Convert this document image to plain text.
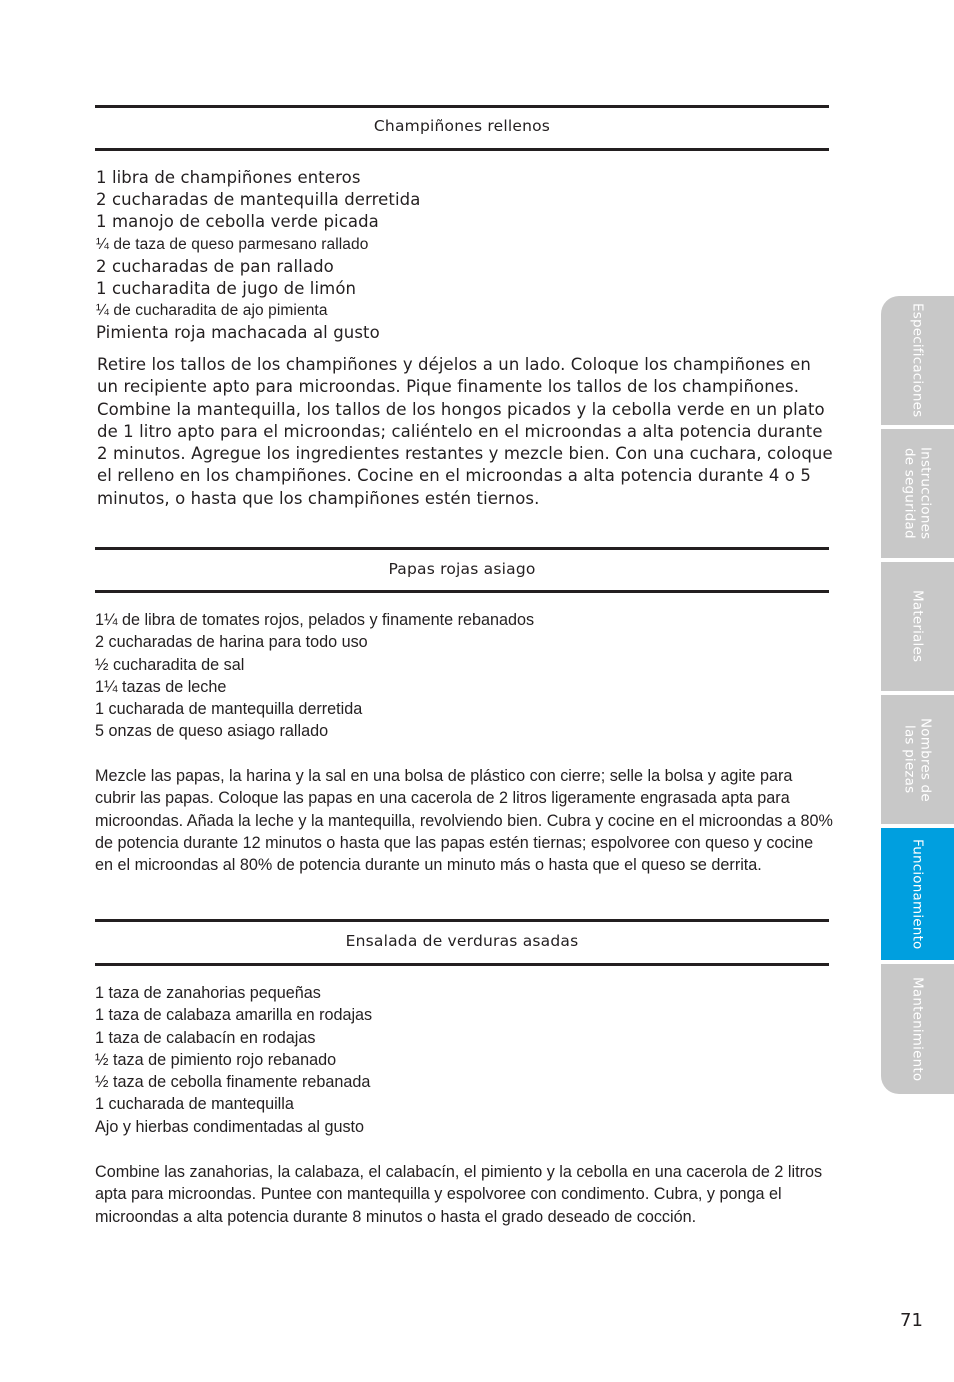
Champiñones rellenos
1 libra de champiñones enteros
2 cucharadas de mantequilla derretida
1 manojo de cebolla verde picada
¼ de taza de queso parmesano rallado
2 cucharadas de pan rallado
1 cucharadita de jugo de limón
¼ de cucharadita de ajo pimienta
Pimienta roja machacada al gusto

Retire los tallos de los champiñones y déjelos a un lado. Coloque los champiñones en un recipiente apto para microondas. Pique finamente los tallos de los champiñones. Combine la mantequilla, los tallos de los hongos picados y la cebolla verde en un plato de 1 litro apto para el microondas; caliéntelo en el microondas a alta potencia durante 2 minutos. Agregue los ingredientes restantes y mezcle bien. Con una cuchara, coloque el relleno en los champiñones. Cocine en el microondas a alta potencia durante 4 o 5 minutos, o hasta que los champiñones estén tiernos.

Papas rojas asiago
1¼ de libra de tomates rojos, pelados y finamente rebanados
2 cucharadas de harina para todo uso
½ cucharadita de sal
1¼ tazas de leche
1 cucharada de mantequilla derretida
5 onzas de queso asiago rallado

Mezcle las papas, la harina y la sal en una bolsa de plástico con cierre; selle la bolsa y agite para cubrir las papas. Coloque las papas en una cacerola de 2 litros ligeramente engrasada apta para microondas. Añada la leche y la mantequilla, revolviendo bien. Cubra y cocine en el microondas a 80% de potencia durante 12 minutos o hasta que las papas estén tiernas; espolvoree con queso y cocine en el microondas al 80% de potencia durante un minuto más o hasta que el queso se derrita.

Ensalada de verduras asadas
1 taza de zanahorias pequeñas
1 taza de calabaza amarilla en rodajas
1 taza de calabacín en rodajas
½ taza de pimiento rojo rebanado
½ taza de cebolla finamente rebanada
1 cucharada de mantequilla
Ajo y hierbas condimentadas al gusto

Combine las zanahorias, la calabaza, el calabacín, el pimiento y la cebolla en una cacerola de 2 litros apta para microondas. Puntee con mantequilla y espolvoree con condimento. Cubra, y ponga el microondas a alta potencia durante 8 minutos o hasta el grado deseado de cocción.

Especificaciones
Instrucciones
de seguridad
Materiales
Nombres de
las piezas
Funcionamiento
Mantenimiento
71
